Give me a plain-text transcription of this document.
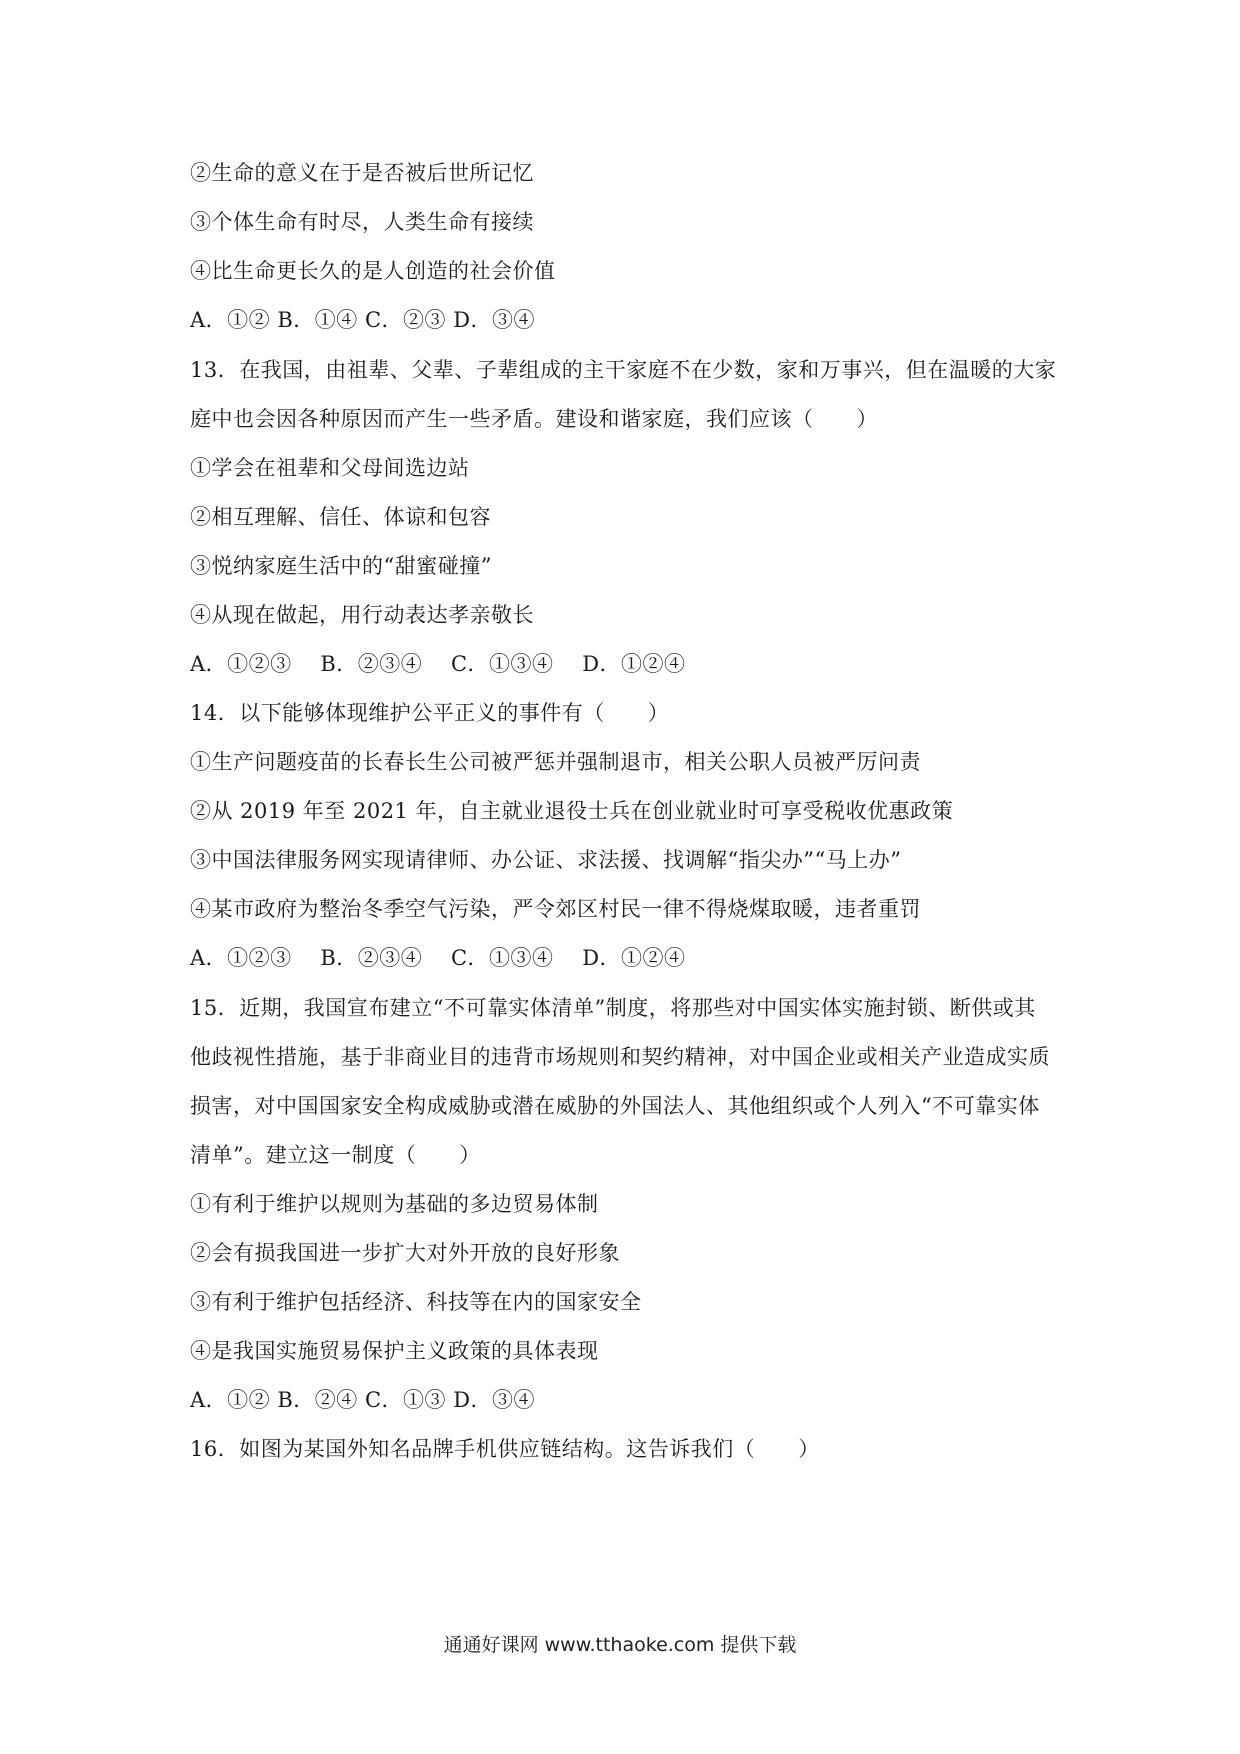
②生命的意义在于是否被后世所记忆
③个体生命有时尽，人类生命有接续
④比生命更长久的是人创造的社会价值
A．①② B．①④ C．②③ D．③④
13．在我国，由祖辈、父辈、子辈组成的主干家庭不在少数，家和万事兴，但在温暖的大家
庭中也会因各种原因而产生一些矛盾。建设和谐家庭，我们应该（　　）
①学会在祖辈和父母间选边站
②相互理解、信任、体谅和包容
③悦纳家庭生活中的“甜蜜碰撞”
④从现在做起，用行动表达孝亲敬长
A．①②③　 B．②③④　 C．①③④　 D．①②④
14．以下能够体现维护公平正义的事件有（　　）
①生产问题疫苗的长春长生公司被严惩并强制退市，相关公职人员被严厉问责
②从 2019 年至 2021 年，自主就业退役士兵在创业就业时可享受税收优惠政策
③中国法律服务网实现请律师、办公证、求法援、找调解“指尖办”“马上办”
④某市政府为整治冬季空气污染，严令郊区村民一律不得烧煤取暖，违者重罚
A．①②③　 B．②③④　 C．①③④　 D．①②④
15．近期，我国宣布建立“不可靠实体清单”制度，将那些对中国实体实施封锁、断供或其
他歧视性措施，基于非商业目的违背市场规则和契约精神，对中国企业或相关产业造成实质
损害，对中国国家安全构成威胁或潜在威胁的外国法人、其他组织或个人列入“不可靠实体
清单”。建立这一制度（　　）
①有利于维护以规则为基础的多边贸易体制
②会有损我国进一步扩大对外开放的良好形象
③有利于维护包括经济、科技等在内的国家安全
④是我国实施贸易保护主义政策的具体表现
A．①② B．②④ C．①③ D．③④
16．如图为某国外知名品牌手机供应链结构。这告诉我们（　　）
通通好课网 www.tthaoke.com 提供下载
